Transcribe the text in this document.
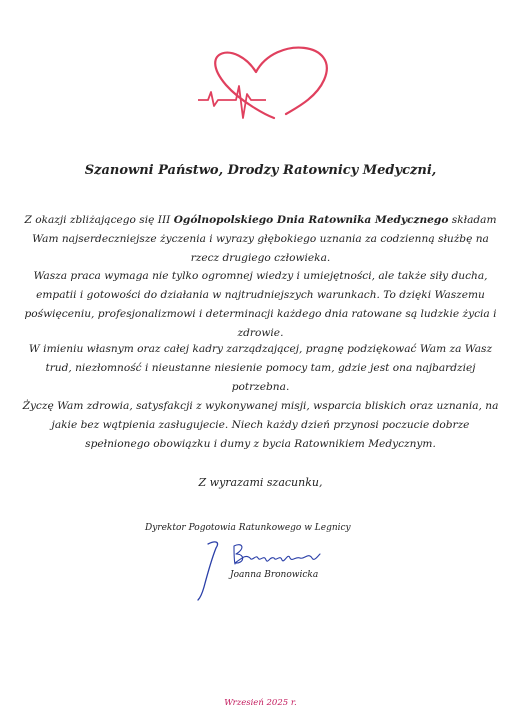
Szanowni Państwo, Drodzy Ratownicy Medyczni,

Z okazji zbliżającego się III Ogólnopolskiego Dnia Ratownika Medycznego składam Wam najserdeczniejsze życzenia i wyrazy głębokiego uznania za codzienną służbę na rzecz drugiego człowieka.

Wasza praca wymaga nie tylko ogromnej wiedzy i umiejętności, ale także siły ducha, empatii i gotowości do działania w najtrudniejszych warunkach. To dzięki Waszemu poświęceniu, profesjonalizmowi i determinacji każdego dnia ratowane są ludzkie życia i zdrowie.

W imieniu własnym oraz całej kadry zarządzającej, pragnę podziękować Wam za Wasz trud, niezłomność i nieustanne niesienie pomocy tam, gdzie jest ona najbardziej potrzebna.

Życzę Wam zdrowia, satysfakcji z wykonywanej misji, wsparcia bliskich oraz uznania, na jakie bez wątpienia zasługujecie. Niech każdy dzień przynosi poczucie dobrze spełnionego obowiązku i dumy z bycia Ratownikiem Medycznym.

Z wyrazami szacunku,
Dyrektor Pogotowia Ratunkowego w Legnicy
Joanna Bronowicka
Wrzesień 2025 r.
